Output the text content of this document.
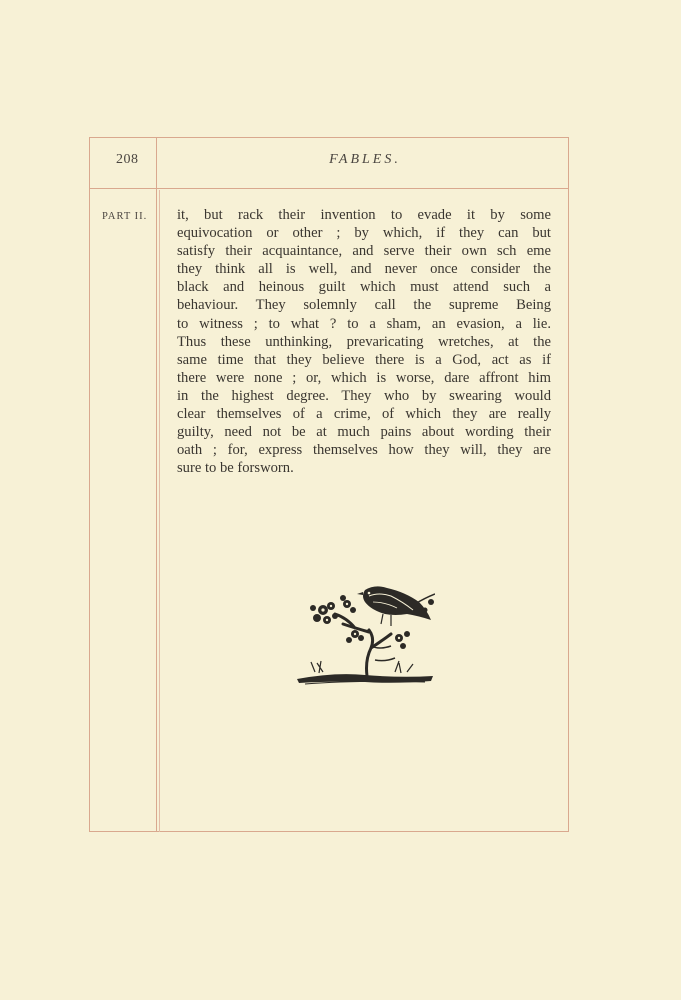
208	FABLES.
PART II. it, but rack their invention to evade it by some
equivocation or other ; by which, if they can but
satisfy their acquaintance, and serve their own sch eme
they think all is well, and never once consider the
black and heinous guilt which must attend such a
behaviour. They solemnly call the supreme Being
to witness ; to what ? to a sham, an evasion, a lie.
Thus these unthinking, prevaricating wretches, at the
same time that they believe there is a God, act as if
there were none ; or, which is worse, dare affront him
in the highest degree. They who by swearing would
clear themselves of a crime, of which they are really
guilty, need not be at much pains about wording their
oath ; for, express themselves how they will, they are
sure to be forsworn.
